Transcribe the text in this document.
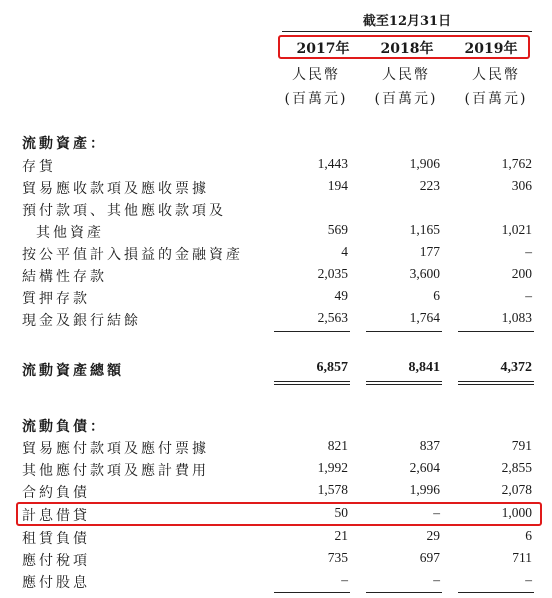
截至12月31日
2017年	2018年	2019年
人民幣	人民幣	人民幣
(百萬元)	(百萬元)	(百萬元)
流動資產：
存貨	1,443	1,906	1,762
貿易應收款項及應收票據	194	223	306
預付款項、其他應收款項及
其他資產	569	1,165	1,021
按公平值計入損益的金融資產	4	177	–
結構性存款	2,035	3,600	200
質押存款	49	6	–
現金及銀行結餘	2,563	1,764	1,083
流動資產總額	6,857	8,841	4,372
流動負債：
貿易應付款項及應付票據	821	837	791
其他應付款項及應計費用	1,992	2,604	2,855
合約負債	1,578	1,996	2,078
計息借貸	50	–	1,000
租賃負債	21	29	6
應付稅項	735	697	711
應付股息	–	–	–
